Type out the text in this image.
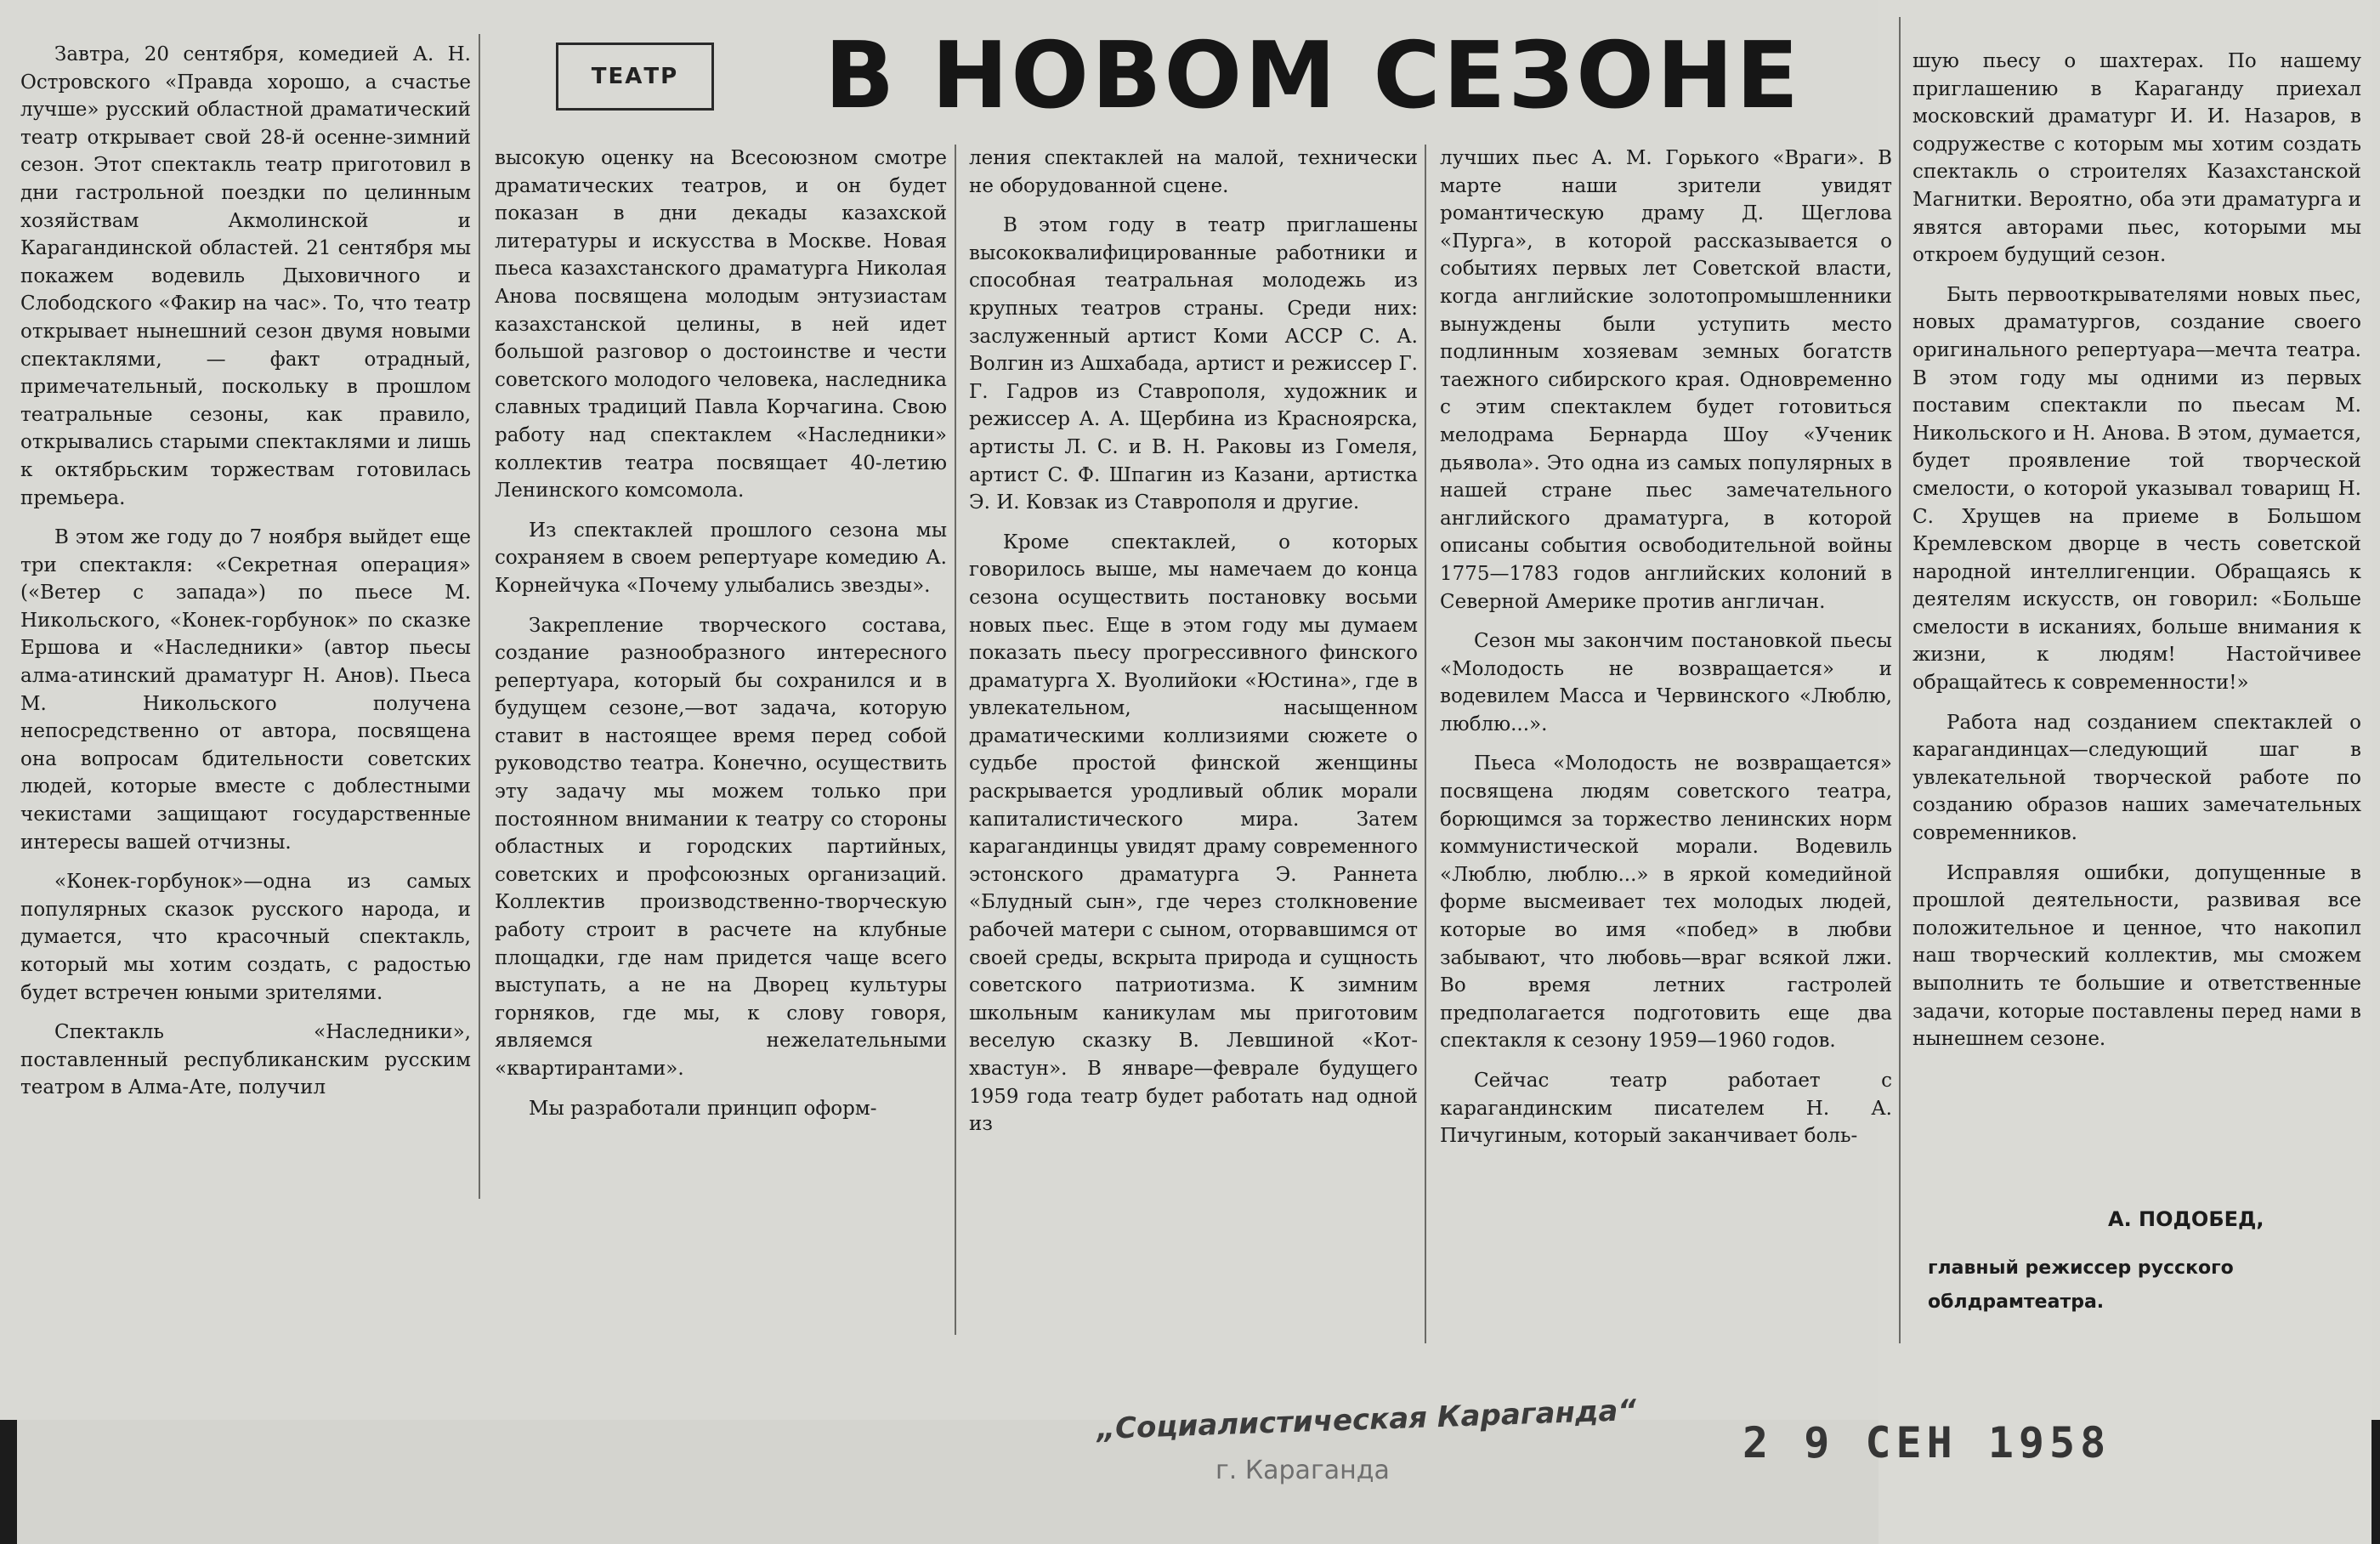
ТЕАТР	В НОВОМ СЕЗОНЕ

Завтра, 20 сентября, комедией А. Н. Островского «Правда хорошо, а счастье лучше» русский областной драматический театр открывает свой 28-й осенне-зимний сезон. Этот спектакль театр приготовил в дни гастрольной поездки по целинным хозяйствам Акмолинской и Карагандинской областей. 21 сентября мы покажем водевиль Дыховичного и Слободского «Факир на час». То, что театр открывает нынешний сезон двумя новыми спектаклями, — факт отрадный, примечательный, поскольку в прошлом театральные сезоны, как правило, открывались старыми спектаклями и лишь к октябрьским торжествам готовилась премьера.

В этом же году до 7 ноября выйдет еще три спектакля: «Секретная операция» («Ветер с запада») по пьесе М. Никольского, «Конек-горбунок» по сказке Ершова и «Наследники» (автор пьесы алма-атинский драматург Н. Анов). Пьеса М. Никольского получена непосредственно от автора, посвящена она вопросам бдительности советских людей, которые вместе с доблестными чекистами защищают государственные интересы вашей отчизны.

«Конек-горбунок»—одна из самых популярных сказок русского народа, и думается, что красочный спектакль, который мы хотим создать, с радостью будет встречен юными зрителями.

Спектакль «Наследники», поставленный республиканским русским театром в Алма-Ате, получил

высокую оценку на Всесоюзном смотре драматических театров, и он будет показан в дни декады казахской литературы и искусства в Москве. Новая пьеса казахстанского драматурга Николая Анова посвящена молодым энтузиастам казахстанской целины, в ней идет большой разговор о достоинстве и чести советского молодого человека, наследника славных традиций Павла Корчагина. Свою работу над спектаклем «Наследники» коллектив театра посвящает 40-летию Ленинского комсомола.

Из спектаклей прошлого сезона мы сохраняем в своем репертуаре комедию А. Корнейчука «Почему улыбались звезды».

Закрепление творческого состава, создание разнообразного интересного репертуара, который бы сохранился и в будущем сезоне,—вот задача, которую ставит в настоящее время перед собой руководство театра. Конечно, осуществить эту задачу мы можем только при постоянном внимании к театру со стороны областных и городских партийных, советских и профсоюзных организаций. Коллектив производственно-творческую работу строит в расчете на клубные площадки, где нам придется чаще всего выступать, а не на Дворец культуры горняков, где мы, к слову говоря, являемся нежелательными «квартирантами».

Мы разработали принцип оформ-

ления спектаклей на малой, технически не оборудованной сцене.

В этом году в театр приглашены высококвалифицированные работники и способная театральная молодежь из крупных театров страны. Среди них: заслуженный артист Коми АССР С. А. Волгин из Ашхабада, артист и режиссер Г. Г. Гадров из Ставрополя, художник и режиссер А. А. Щербина из Красноярска, артисты Л. С. и В. Н. Раковы из Гомеля, артист С. Ф. Шпагин из Казани, артистка Э. И. Ковзак из Ставрополя и другие.

Кроме спектаклей, о которых говорилось выше, мы намечаем до конца сезона осуществить постановку восьми новых пьес. Еще в этом году мы думаем показать пьесу прогрессивного финского драматурга Х. Вуолийоки «Юстина», где в увлекательном, насыщенном драматическими коллизиями сюжете о судьбе простой финской женщины раскрывается уродливый облик морали капиталистического мира. Затем карагандинцы увидят драму современного эстонского драматурга Э. Раннета «Блудный сын», где через столкновение рабочей матери с сыном, оторвавшимся от своей среды, вскрыта природа и сущность советского патриотизма. К зимним школьным каникулам мы приготовим веселую сказку В. Левшиной «Кот-хвастун». В январе—феврале будущего 1959 года театр будет работать над одной из

лучших пьес А. М. Горького «Враги». В марте наши зрители увидят романтическую драму Д. Щеглова «Пурга», в которой рассказывается о событиях первых лет Советской власти, когда английские золотопромышленники вынуждены были уступить место подлинным хозяевам земных богатств таежного сибирского края. Одновременно с этим спектаклем будет готовиться мелодрама Бернарда Шоу «Ученик дьявола». Это одна из самых популярных в нашей стране пьес замечательного английского драматурга, в которой описаны события освободительной войны 1775—1783 годов английских колоний в Северной Америке против англичан.

Сезон мы закончим постановкой пьесы «Молодость не возвращается» и водевилем Масса и Червинского «Люблю, люблю...».

Пьеса «Молодость не возвращается» посвящена людям советского театра, борющимся за торжество ленинских норм коммунистической морали. Водевиль «Люблю, люблю...» в яркой комедийной форме высмеивает тех молодых людей, которые во имя «побед» в любви забывают, что любовь—враг всякой лжи. Во время летних гастролей предполагается подготовить еще два спектакля к сезону 1959—1960 годов.

Сейчас театр работает с карагандинским писателем Н. А. Пичугиным, который заканчивает боль-

шую пьесу о шахтерах. По нашему приглашению в Караганду приехал московский драматург И. И. Назаров, в содружестве с которым мы хотим создать спектакль о строителях Казахстанской Магнитки. Вероятно, оба эти драматурга и явятся авторами пьес, которыми мы откроем будущий сезон.

Быть первооткрывателями новых пьес, новых драматургов, создание своего оригинального репертуара—мечта театра. В этом году мы одними из первых поставим спектакли по пьесам М. Никольского и Н. Анова. В этом, думается, будет проявление той творческой смелости, о которой указывал товарищ Н. С. Хрущев на приеме в Большом Кремлевском дворце в честь советской народной интеллигенции. Обращаясь к деятелям искусств, он говорил: «Больше смелости в исканиях, больше внимания к жизни, к людям! Настойчивее обращайтесь к современности!»

Работа над созданием спектаклей о карагандинцах—следующий шаг в увлекательной творческой работе по созданию образов наших замечательных современников.

Исправляя ошибки, допущенные в прошлой деятельности, развивая все положительное и ценное, что накопил наш творческий коллектив, мы сможем выполнить те большие и ответственные задачи, которые поставлены перед нами в нынешнем сезоне.

А. ПОДОБЕД,
главный режиссер русского облдрамтеатра.
„Социалистическая Караганда“
г. Караганда
2 9 СЕН 1958
